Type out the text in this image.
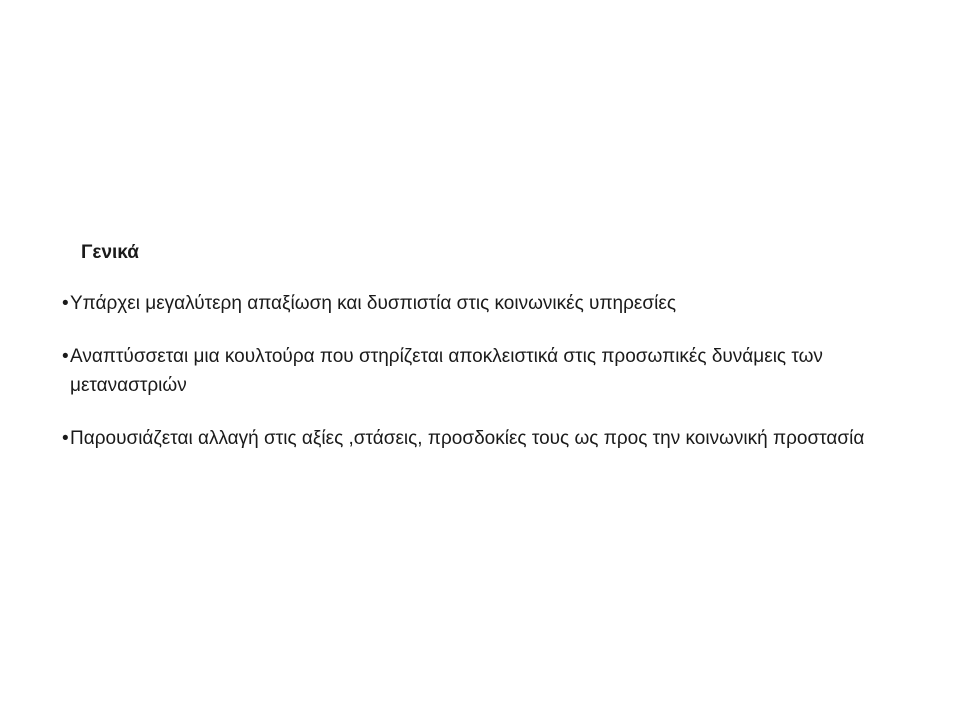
Γενικά
•Υπάρχει μεγαλύτερη απαξίωση και δυσπιστία στις κοινωνικές υπηρεσίες
•Αναπτύσσεται μια κουλτούρα που στηρίζεται αποκλειστικά στις προσωπικές δυνάμεις των μεταναστριών
•Παρουσιάζεται αλλαγή στις αξίες ,στάσεις, προσδοκίες τους ως προς την κοινωνική προστασία
